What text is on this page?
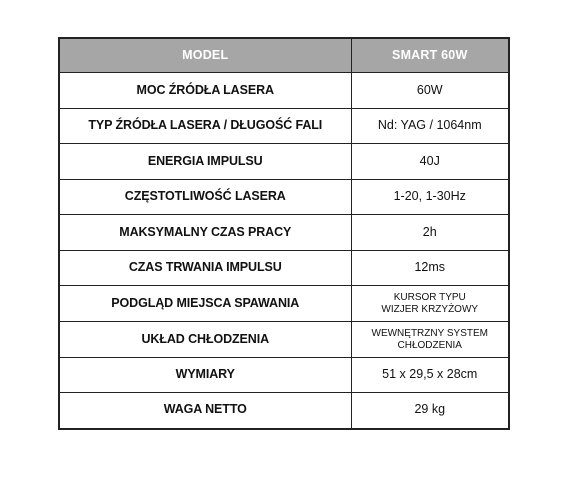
MODEL	SMART 60W
MOC ŹRÓDŁA LASERA	60W
TYP ŹRÓDŁA LASERA / DŁUGOŚĆ FALI	Nd: YAG / 1064nm
ENERGIA IMPULSU	40J
CZĘSTOTLIWOŚĆ LASERA	1-20, 1-30Hz
MAKSYMALNY CZAS PRACY	2h
CZAS TRWANIA IMPULSU	12ms
PODGLĄD MIEJSCA SPAWANIA	KURSOR TYPU
WIZJER KRZYŻOWY

UKŁAD CHŁODZENIA	WEWNĘTRZNY SYSTEM
CHŁODZENIA

WYMIARY	51 x 29,5 x 28cm
WAGA NETTO	29 kg
